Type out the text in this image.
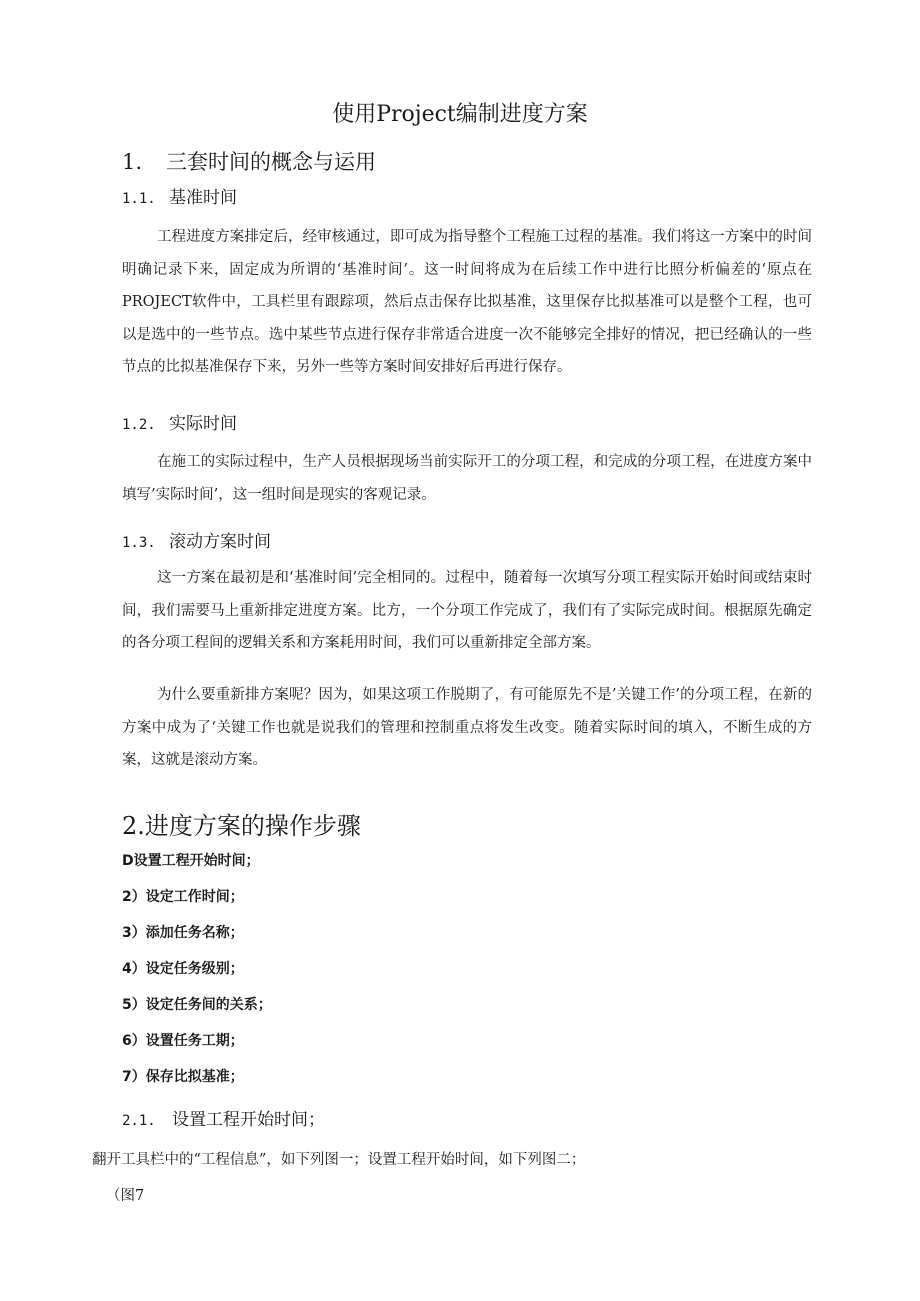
使用Project编制进度方案
1. 三套时间的概念与运用
1.1. 基准时间

工程进度方案排定后，经审核通过，即可成为指导整个工程施工过程的基准。我们将这一方案中的时间明确记录下来，固定成为所谓的‘基准时间’。这一时间将成为在后续工作中进行比照分析偏差的‘原点在PROJECT软件中，工具栏里有跟踪项，然后点击保存比拟基准，这里保存比拟基准可以是整个工程，也可以是选中的一些节点。选中某些节点进行保存非常适合进度一次不能够完全排好的情况，把已经确认的一些节点的比拟基准保存下来，另外一些等方案时间安排好后再进行保存。

1.2. 实际时间

在施工的实际过程中，生产人员根据现场当前实际开工的分项工程，和完成的分项工程，在进度方案中填写’实际时间’，这一组时间是现实的客观记录。

1.3. 滚动方案时间

这一方案在最初是和‘基准时间’完全相同的。过程中，随着每一次填写分项工程实际开始时间或结束时间，我们需要马上重新排定进度方案。比方，一个分项工作完成了，我们有了实际完成时间。根据原先确定的各分项工程间的逻辑关系和方案耗用时间，我们可以重新排定全部方案。

为什么要重新排方案呢？因为，如果这项工作脱期了，有可能原先不是’关键工作’的分项工程，在新的方案中成为了‘关键工作也就是说我们的管理和控制重点将发生改变。随着实际时间的填入，不断生成的方案，这就是滚动方案。

2.进度方案的操作步骤
D设置工程开始时间；
2）设定工作时间；
3）添加任务名称；
4）设定任务级别；
5）设定任务间的关系；
6）设置任务工期；
7）保存比拟基准；
2.1. 设置工程开始时间；
翻开工具栏中的“工程信息”，如下列图一；设置工程开始时间，如下列图二；
（图7
